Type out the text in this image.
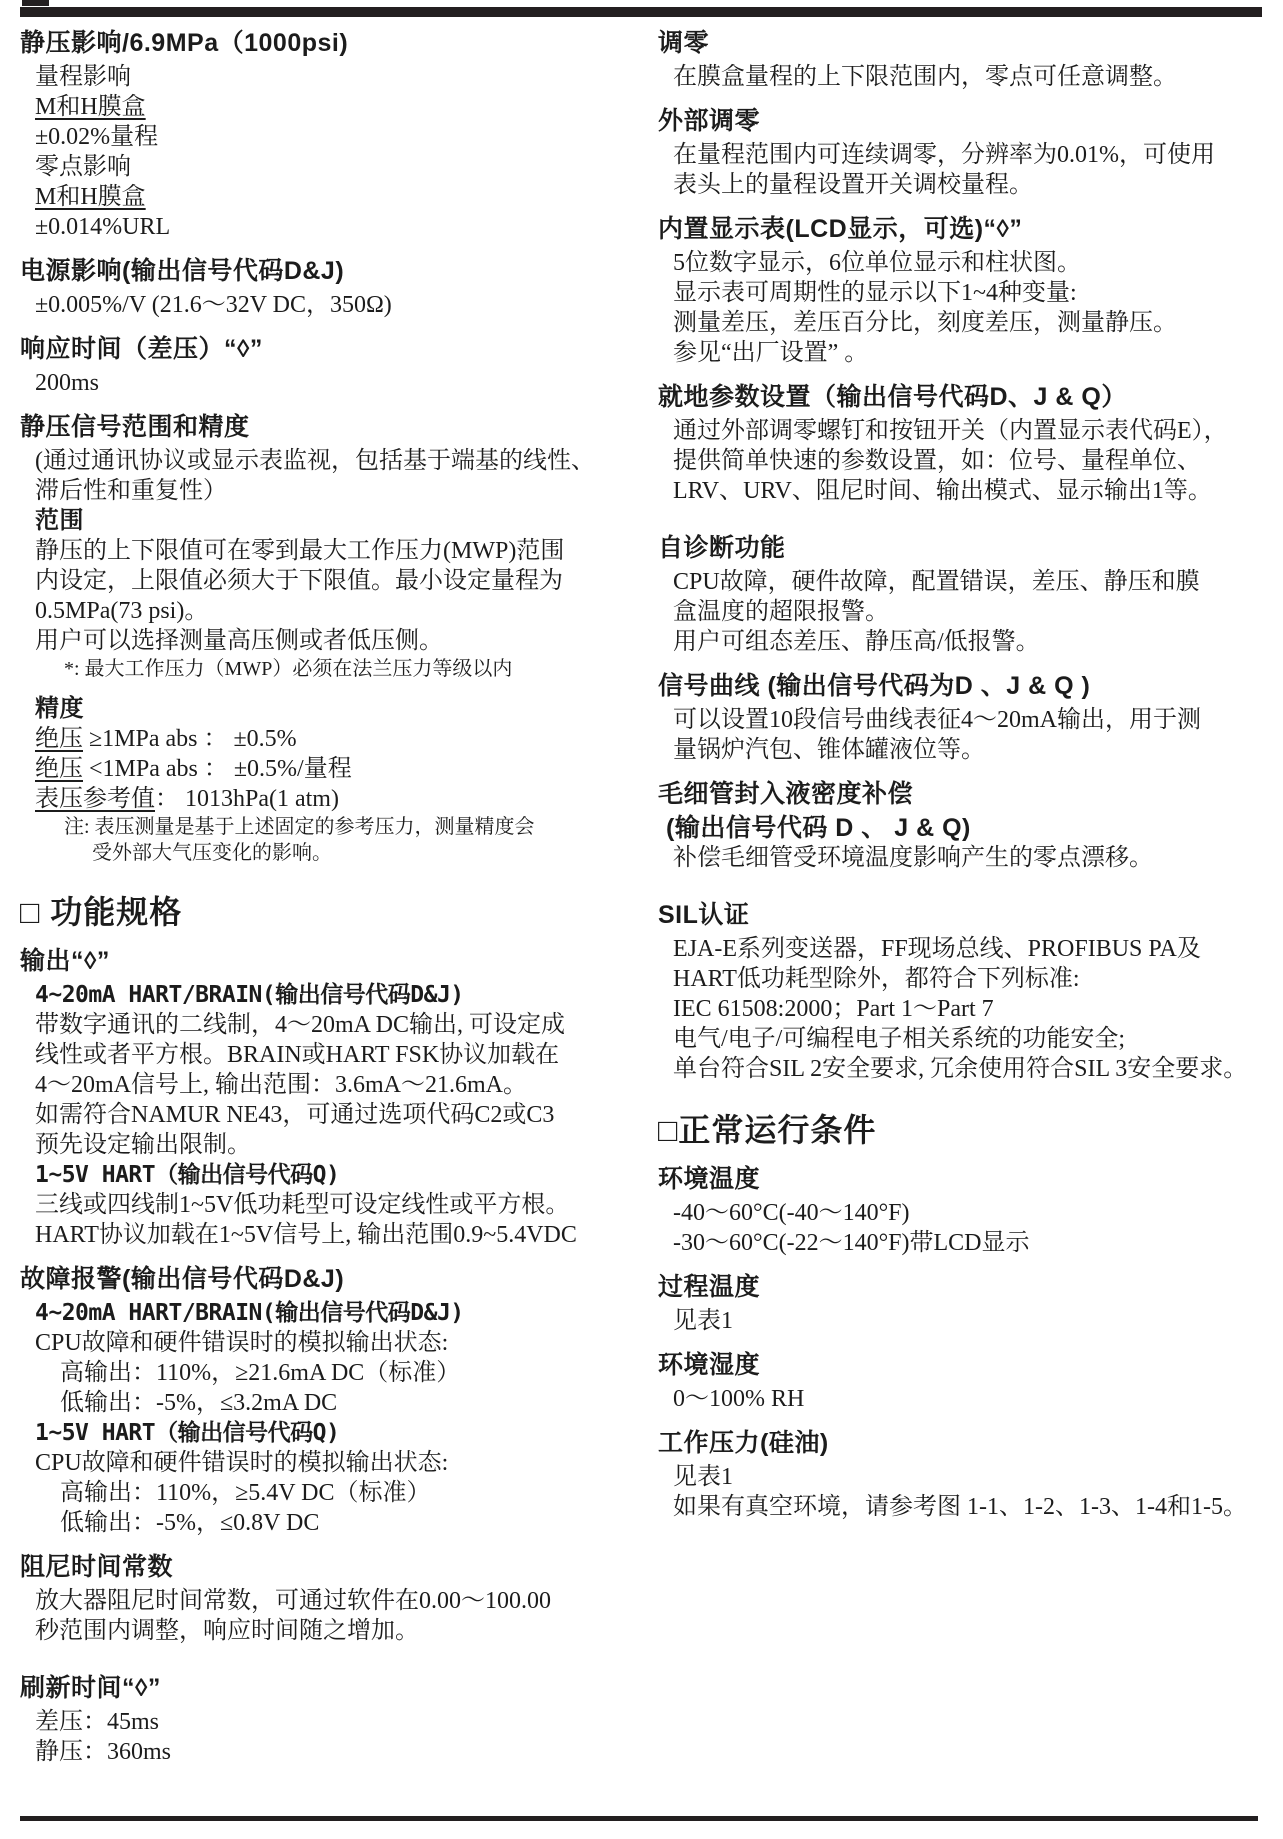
静压影响/6.9MPa（1000psi)
量程影响
M和H膜盒
±0.02%量程
零点影响
M和H膜盒
±0.014%URL
电源影响(输出信号代码D&J)
±0.005%/V (21.6～32V DC，350Ω)
响应时间（差压）“◊”
200ms
静压信号范围和精度
(通过通讯协议或显示表监视，包括基于端基的线性、
滞后性和重复性）
范围
静压的上下限值可在零到最大工作压力(MWP)范围
内设定，上限值必须大于下限值。最小设定量程为
0.5MPa(73 psi)。
用户可以选择测量高压侧或者低压侧。
*: 最大工作压力（MWP）必须在法兰压力等级以内
精度
绝压 ≥1MPa abs ： ±0.5%
绝压 <1MPa abs ： ±0.5%/量程
表压参考值： 1013hPa(1 atm)
注: 表压测量是基于上述固定的参考压力，测量精度会
受外部大气压变化的影响。
□ 功能规格
输出“◊”
4~20mA HART/BRAIN(输出信号代码D&J)
带数字通讯的二线制，4～20mA DC输出, 可设定成
线性或者平方根。BRAIN或HART FSK协议加载在
4～20mA信号上, 输出范围：3.6mA～21.6mA。
如需符合NAMUR NE43，可通过选项代码C2或C3
预先设定输出限制。
1~5V HART（输出信号代码Q)
三线或四线制1~5V低功耗型可设定线性或平方根。
HART协议加载在1~5V信号上, 输出范围0.9~5.4VDC
故障报警(输出信号代码D&J)
4~20mA HART/BRAIN(输出信号代码D&J)
CPU故障和硬件错误时的模拟输出状态:
高输出：110%，≥21.6mA DC（标准）
低输出：-5%，≤3.2mA DC
1~5V HART（输出信号代码Q)
CPU故障和硬件错误时的模拟输出状态:
高输出：110%，≥5.4V DC（标准）
低输出：-5%，≤0.8V DC
阻尼时间常数
放大器阻尼时间常数，可通过软件在0.00～100.00
秒范围内调整，响应时间随之增加。
刷新时间“◊”
差压：45ms
静压：360ms
调零
在膜盒量程的上下限范围内，零点可任意调整。
外部调零
在量程范围内可连续调零，分辨率为0.01%，可使用
表头上的量程设置开关调校量程。
内置显示表(LCD显示，可选)“◊”
5位数字显示，6位单位显示和柱状图。
显示表可周期性的显示以下1~4种变量:
测量差压，差压百分比，刻度差压，测量静压。
参见“出厂设置” 。
就地参数设置（输出信号代码D、J & Q）
通过外部调零螺钉和按钮开关（内置显示表代码E），
提供简单快速的参数设置，如：位号、量程单位、
LRV、URV、阻尼时间、输出模式、显示输出1等。
自诊断功能
CPU故障，硬件故障，配置错误，差压、静压和膜
盒温度的超限报警。
用户可组态差压、静压高/低报警。
信号曲线 (输出信号代码为D 、J & Q )
可以设置10段信号曲线表征4～20mA输出，用于测
量锅炉汽包、锥体罐液位等。
毛细管封入液密度补偿
(输出信号代码 D 、 J & Q)
补偿毛细管受环境温度影响产生的零点漂移。
SIL认证
EJA-E系列变送器，FF现场总线、PROFIBUS PA及
HART低功耗型除外，都符合下列标准:
IEC 61508:2000；Part 1～Part 7
电气/电子/可编程电子相关系统的功能安全;
单台符合SIL 2安全要求, 冗余使用符合SIL 3安全要求。
□正常运行条件
环境温度
-40～60°C(-40～140°F)
-30～60°C(-22～140°F)带LCD显示
过程温度
见表1
环境湿度
0～100% RH
工作压力(硅油)
见表1
如果有真空环境，请参考图 1-1、1-2、1-3、1-4和1-5。
